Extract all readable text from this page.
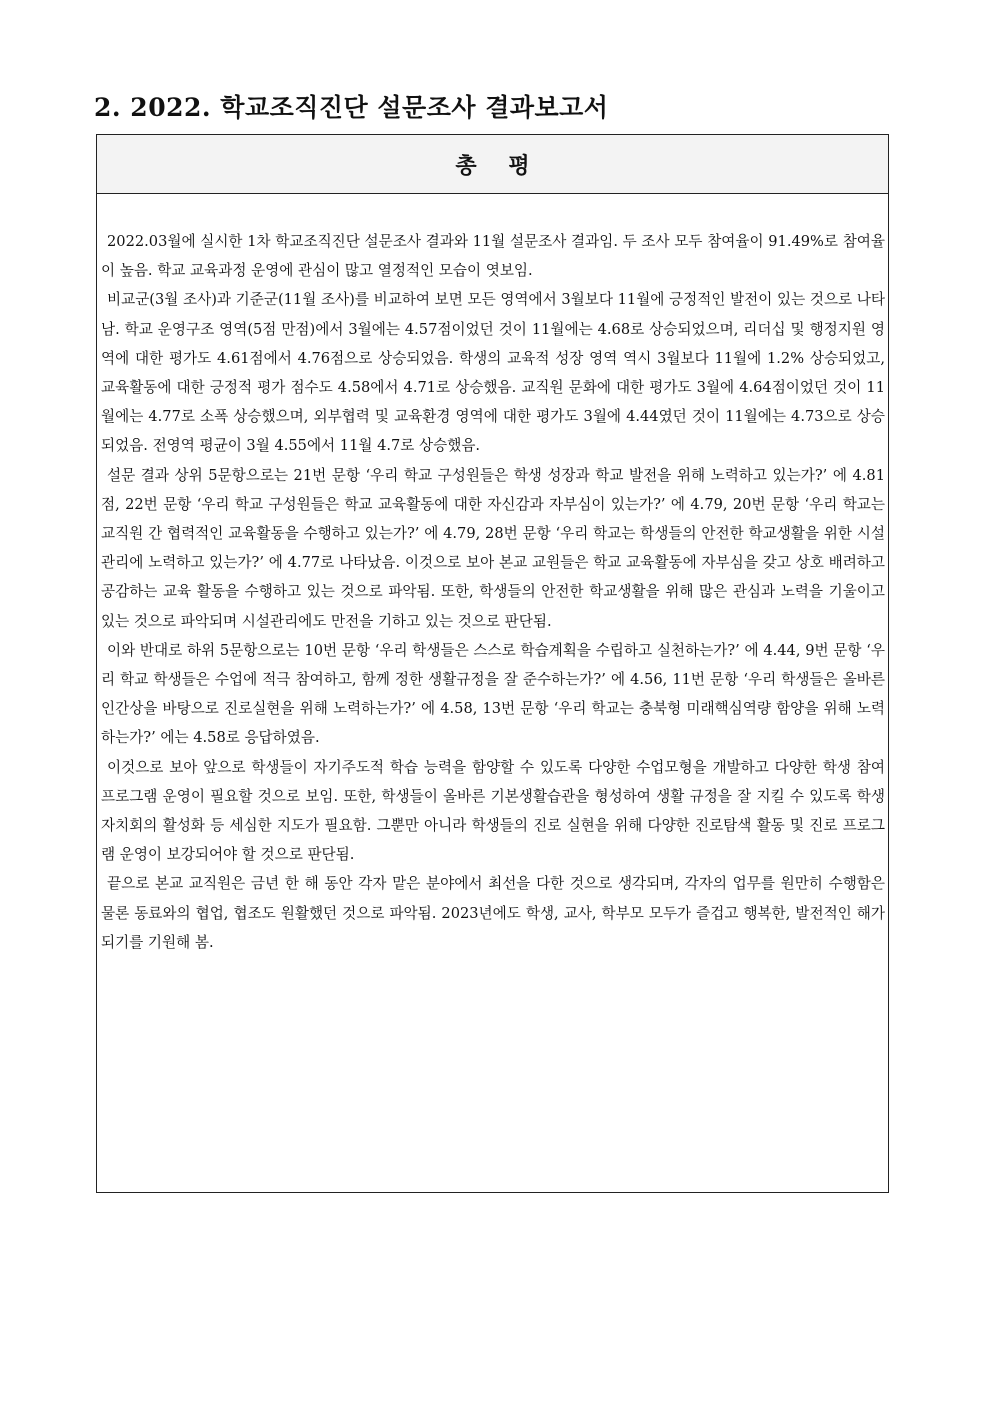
2. 2022. 학교조직진단 설문조사 결과보고서
총 평

2022.03월에 실시한 1차 학교조직진단 설문조사 결과와 11월 설문조사 결과임. 두 조사 모두 참여율이 91.49%로 참여율이 높음. 학교 교육과정 운영에 관심이 많고 열정적인 모습이 엿보임.

비교군(3월 조사)과 기준군(11월 조사)를 비교하여 보면 모든 영역에서 3월보다 11월에 긍정적인 발전이 있는 것으로 나타남. 학교 운영구조 영역(5점 만점)에서 3월에는 4.57점이었던 것이 11월에는 4.68로 상승되었으며, 리더십 및 행정지원 영역에 대한 평가도 4.61점에서 4.76점으로 상승되었음. 학생의 교육적 성장 영역 역시 3월보다 11월에 1.2% 상승되었고, 교육활동에 대한 긍정적 평가 점수도 4.58에서 4.71로 상승했음. 교직원 문화에 대한 평가도 3월에 4.64점이었던 것이 11월에는 4.77로 소폭 상승했으며, 외부협력 및 교육환경 영역에 대한 평가도 3월에 4.44였던 것이 11월에는 4.73으로 상승되었음. 전영역 평균이 3월 4.55에서 11월 4.7로 상승했음.

설문 결과 상위 5문항으로는 21번 문항 ‘우리 학교 구성원들은 학생 성장과 학교 발전을 위해 노력하고 있는가?’ 에 4.81점, 22번 문항 ‘우리 학교 구성원들은 학교 교육활동에 대한 자신감과 자부심이 있는가?’ 에 4.79, 20번 문항 ‘우리 학교는 교직원 간 협력적인 교육활동을 수행하고 있는가?’ 에 4.79, 28번 문항 ‘우리 학교는 학생들의 안전한 학교생활을 위한 시설 관리에 노력하고 있는가?’ 에 4.77로 나타났음. 이것으로 보아 본교 교원들은 학교 교육활동에 자부심을 갖고 상호 배려하고 공감하는 교육 활동을 수행하고 있는 것으로 파악됨. 또한, 학생들의 안전한 학교생활을 위해 많은 관심과 노력을 기울이고 있는 것으로 파악되며 시설관리에도 만전을 기하고 있는 것으로 판단됨.

이와 반대로 하위 5문항으로는 10번 문항 ‘우리 학생들은 스스로 학습계획을 수립하고 실천하는가?’ 에 4.44, 9번 문항 ‘우리 학교 학생들은 수업에 적극 참여하고, 함께 정한 생활규정을 잘 준수하는가?’ 에 4.56, 11번 문항 ‘우리 학생들은 올바른 인간상을 바탕으로 진로실현을 위해 노력하는가?’ 에 4.58, 13번 문항 ‘우리 학교는 충북형 미래핵심역량 함양을 위해 노력하는가?’ 에는 4.58로 응답하였음.

이것으로 보아 앞으로 학생들이 자기주도적 학습 능력을 함양할 수 있도록 다양한 수업모형을 개발하고 다양한 학생 참여 프로그램 운영이 필요할 것으로 보임. 또한, 학생들이 올바른 기본생활습관을 형성하여 생활 규정을 잘 지킬 수 있도록 학생자치회의 활성화 등 세심한 지도가 필요함. 그뿐만 아니라 학생들의 진로 실현을 위해 다양한 진로탐색 활동 및 진로 프로그램 운영이 보강되어야 할 것으로 판단됨.

끝으로 본교 교직원은 금년 한 해 동안 각자 맡은 분야에서 최선을 다한 것으로 생각되며, 각자의 업무를 원만히 수행함은 물론 동료와의 협업, 협조도 원활했던 것으로 파악됨. 2023년에도 학생, 교사, 학부모 모두가 즐겁고 행복한, 발전적인 해가 되기를 기원해 봄.
